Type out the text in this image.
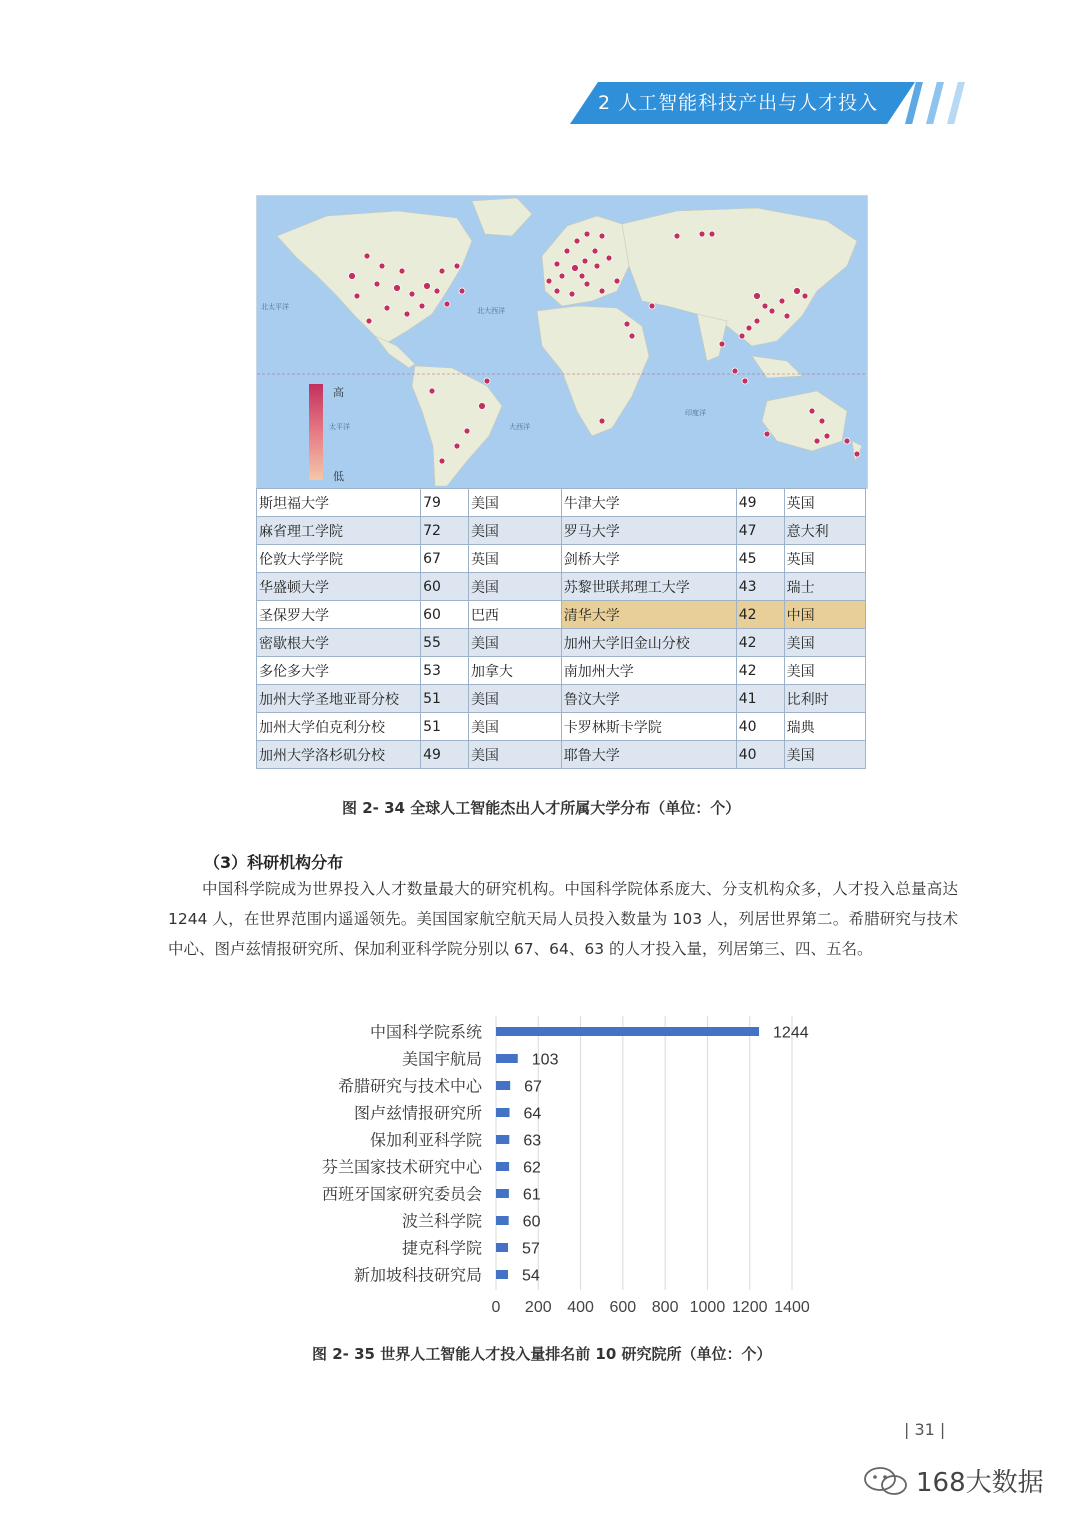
2 人工智能科技产出与人才投入
北太平洋	北大西洋
印度洋
大西洋
太平洋
高
低
斯坦福大学	79	美国	牛津大学	49	英国
麻省理工学院	72	美国	罗马大学	47	意大利
伦敦大学学院	67	英国	剑桥大学	45	英国
华盛顿大学	60	美国	苏黎世联邦理工大学	43	瑞士
圣保罗大学	60	巴西	清华大学	42	中国
密歇根大学	55	美国	加州大学旧金山分校	42	美国
多伦多大学	53	加拿大	南加州大学	42	美国
加州大学圣地亚哥分校	51	美国	鲁汶大学	41	比利时
加州大学伯克利分校	51	美国	卡罗林斯卡学院	40	瑞典
加州大学洛杉矶分校	49	美国	耶鲁大学	40	美国
图 2- 34 全球人工智能杰出人才所属大学分布（单位：个）
（3）科研机构分布
中国科学院成为世界投入人才数量最大的研究机构。中国科学院体系庞大、分支机构众多，人才投入总量高达 1244 人，在世界范围内遥遥领先。美国国家航空航天局人员投入数量为 103 人，列居世界第二。希腊研究与技术中心、图卢兹情报研究所、保加利亚科学院分别以 67、64、63 的人才投入量，列居第三、四、五名。
0 200 400 600 800 1000 1200 1400
中国科学院系统	1244
美国宇航局	103
希腊研究与技术中心	67
图卢兹情报研究所	64
保加利亚科学院	63
芬兰国家技术研究中心	62
西班牙国家研究委员会	61
波兰科学院	60
捷克科学院	57
新加坡科技研究局	54
图 2- 35 世界人工智能人才投入量排名前 10 研究院所（单位：个）
| 31 |
168大数据
